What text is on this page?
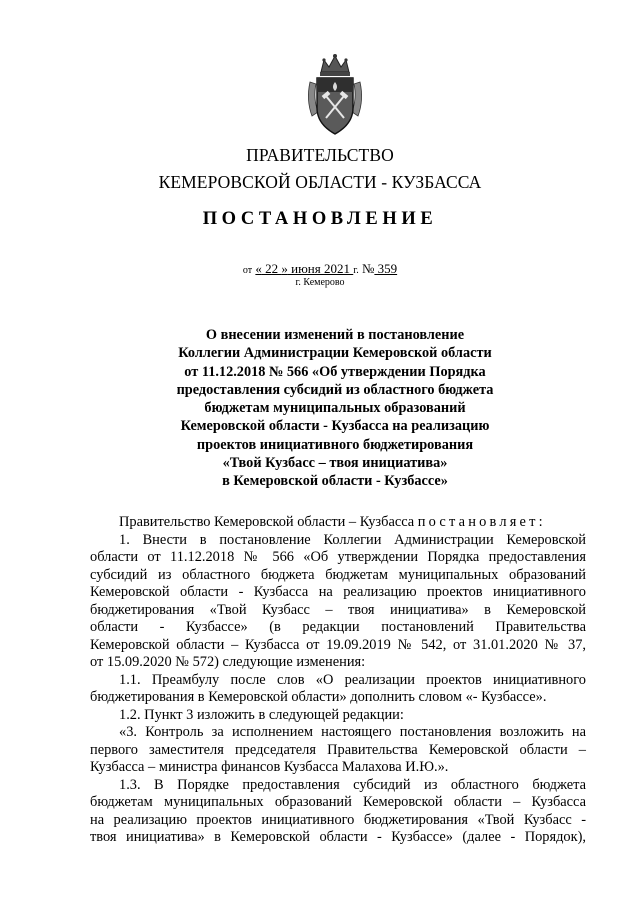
ПРАВИТЕЛЬСТВО
КЕМЕРОВСКОЙ ОБЛАСТИ - КУЗБАССА
ПОСТАНОВЛЕНИЕ
от « 22 » июня 2021 г. № 359
г. Кемерово
О внесении изменений в постановление
Коллегии Администрации Кемеровской области
от 11.12.2018 № 566 «Об утверждении Порядка
предоставления субсидий из областного бюджета
бюджетам муниципальных образований
Кемеровской области - Кузбасса на реализацию
проектов инициативного бюджетирования
«Твой Кузбасс – твоя инициатива»
в Кемеровской области - Кузбассе»
Правительство Кемеровской области – Кузбасса постановляет:
1. Внести в постановление Коллегии Администрации Кемеровской
области от 11.12.2018 № 566 «Об утверждении Порядка предоставления
субсидий из областного бюджета бюджетам муниципальных образований
Кемеровской области - Кузбасса на реализацию проектов инициативного
бюджетирования «Твой Кузбасс – твоя инициатива» в Кемеровской
области - Кузбассе» (в редакции постановлений Правительства
Кемеровской области – Кузбасса от 19.09.2019 № 542, от 31.01.2020 № 37,
от 15.09.2020 № 572) следующие изменения:
1.1. Преамбулу после слов «О реализации проектов инициативного
бюджетирования в Кемеровской области» дополнить словом «- Кузбассе».
1.2. Пункт 3 изложить в следующей редакции:
«3. Контроль за исполнением настоящего постановления возложить на
первого заместителя председателя Правительства Кемеровской области –
Кузбасса – министра финансов Кузбасса Малахова И.Ю.».
1.3. В Порядке предоставления субсидий из областного бюджета
бюджетам муниципальных образований Кемеровской области – Кузбасса
на реализацию проектов инициативного бюджетирования «Твой Кузбасс -
твоя инициатива» в Кемеровской области - Кузбассе» (далее - Порядок),
